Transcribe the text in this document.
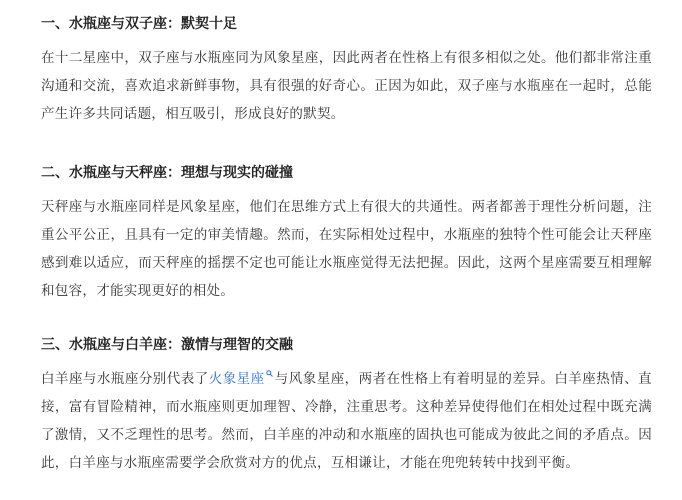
一、水瓶座与双子座：默契十足

在十二星座中，双子座与水瓶座同为风象星座，因此两者在性格上有很多相似之处。他们都非常注重沟通和交流，喜欢追求新鲜事物，具有很强的好奇心。正因为如此，双子座与水瓶座在一起时，总能产生许多共同话题，相互吸引，形成良好的默契。

二、水瓶座与天秤座：理想与现实的碰撞

天秤座与水瓶座同样是风象星座，他们在思维方式上有很大的共通性。两者都善于理性分析问题，注重公平公正，且具有一定的审美情趣。然而，在实际相处过程中，水瓶座的独特个性可能会让天秤座感到难以适应，而天秤座的摇摆不定也可能让水瓶座觉得无法把握。因此，这两个星座需要互相理解和包容，才能实现更好的相处。

三、水瓶座与白羊座：激情与理智的交融

白羊座与水瓶座分别代表了火象星座 与风象星座，两者在性格上有着明显的差异。白羊座热情、直接，富有冒险精神，而水瓶座则更加理智、冷静，注重思考。这种差异使得他们在相处过程中既充满了激情，又不乏理性的思考。然而，白羊座的冲动和水瓶座的固执也可能成为彼此之间的矛盾点。因此，白羊座与水瓶座需要学会欣赏对方的优点，互相谦让，才能在兜兜转转中找到平衡。
